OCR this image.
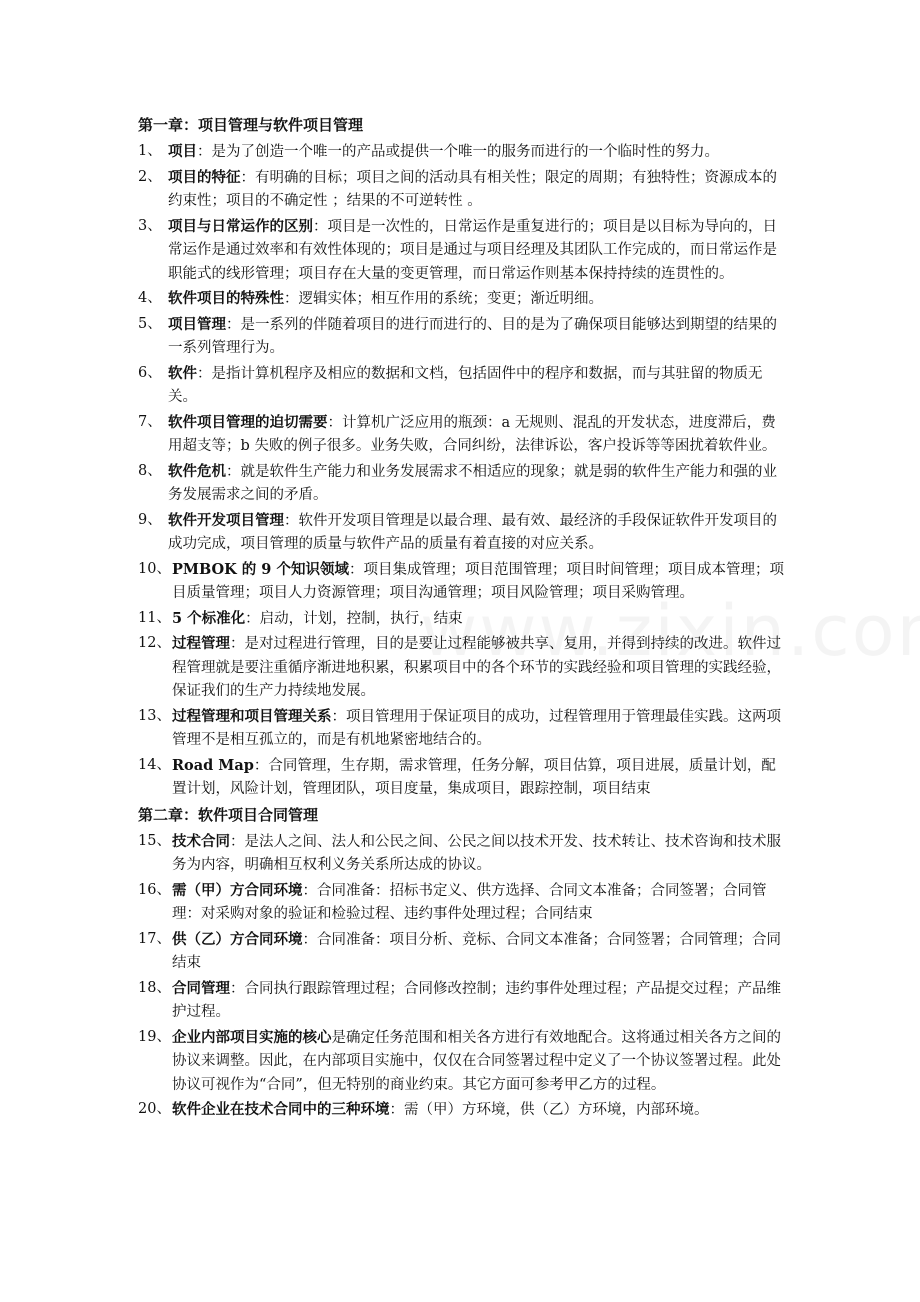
第一章：项目管理与软件项目管理
1、 项目：是为了创造一个唯一的产品或提供一个唯一的服务而进行的一个临时性的努力。
2、 项目的特征：有明确的目标；项目之间的活动具有相关性；限定的周期；有独特性；资源成本的约束性；项目的不确定性 ；结果的不可逆转性 。
3、 项目与日常运作的区别：项目是一次性的，日常运作是重复进行的；项目是以目标为导向的，日常运作是通过效率和有效性体现的；项目是通过与项目经理及其团队工作完成的，而日常运作是职能式的线形管理；项目存在大量的变更管理，而日常运作则基本保持持续的连贯性的。
4、 软件项目的特殊性：逻辑实体；相互作用的系统；变更；渐近明细。
5、 项目管理：是一系列的伴随着项目的进行而进行的、目的是为了确保项目能够达到期望的结果的一系列管理行为。
6、 软件：是指计算机程序及相应的数据和文档，包括固件中的程序和数据，而与其驻留的物质无关。
7、 软件项目管理的迫切需要：计算机广泛应用的瓶颈：a 无规则、混乱的开发状态，进度滞后，费用超支等；b 失败的例子很多。业务失败，合同纠纷，法律诉讼，客户投诉等等困扰着软件业。
8、 软件危机：就是软件生产能力和业务发展需求不相适应的现象；就是弱的软件生产能力和强的业务发展需求之间的矛盾。
9、 软件开发项目管理：软件开发项目管理是以最合理、最有效、最经济的手段保证软件开发项目的成功完成，项目管理的质量与软件产品的质量有着直接的对应关系。
10、 PMBOK 的 9 个知识领域：项目集成管理；项目范围管理；项目时间管理；项目成本管理；项目质量管理；项目人力资源管理；项目沟通管理；项目风险管理；项目采购管理。
11、 5 个标准化：启动，计划，控制，执行，结束
12、 过程管理：是对过程进行管理，目的是要让过程能够被共享、复用，并得到持续的改进。软件过程管理就是要注重循序渐进地积累，积累项目中的各个环节的实践经验和项目管理的实践经验，保证我们的生产力持续地发展。
13、 过程管理和项目管理关系：项目管理用于保证项目的成功，过程管理用于管理最佳实践。这两项管理不是相互孤立的，而是有机地紧密地结合的。
14、 Road Map：合同管理，生存期，需求管理，任务分解，项目估算，项目进展，质量计划，配置计划，风险计划，管理团队，项目度量，集成项目，跟踪控制，项目结束
第二章：软件项目合同管理
15、 技术合同：是法人之间、法人和公民之间、公民之间以技术开发、技术转让、技术咨询和技术服务为内容，明确相互权利义务关系所达成的协议。
16、 需（甲）方合同环境：合同准备：招标书定义、供方选择、合同文本准备；合同签署；合同管理：对采购对象的验证和检验过程、违约事件处理过程；合同结束
17、 供（乙）方合同环境：合同准备：项目分析、竞标、合同文本准备；合同签署；合同管理；合同结束
18、 合同管理：合同执行跟踪管理过程；合同修改控制；违约事件处理过程；产品提交过程；产品维护过程。
19、 企业内部项目实施的核心是确定任务范围和相关各方进行有效地配合。这将通过相关各方之间的协议来调整。因此，在内部项目实施中，仅仅在合同签署过程中定义了一个协议签署过程。此处协议可视作为“合同”，但无特别的商业约束。其它方面可参考甲乙方的过程。
20、 软件企业在技术合同中的三种环境：需（甲）方环境，供（乙）方环境，内部环境。
